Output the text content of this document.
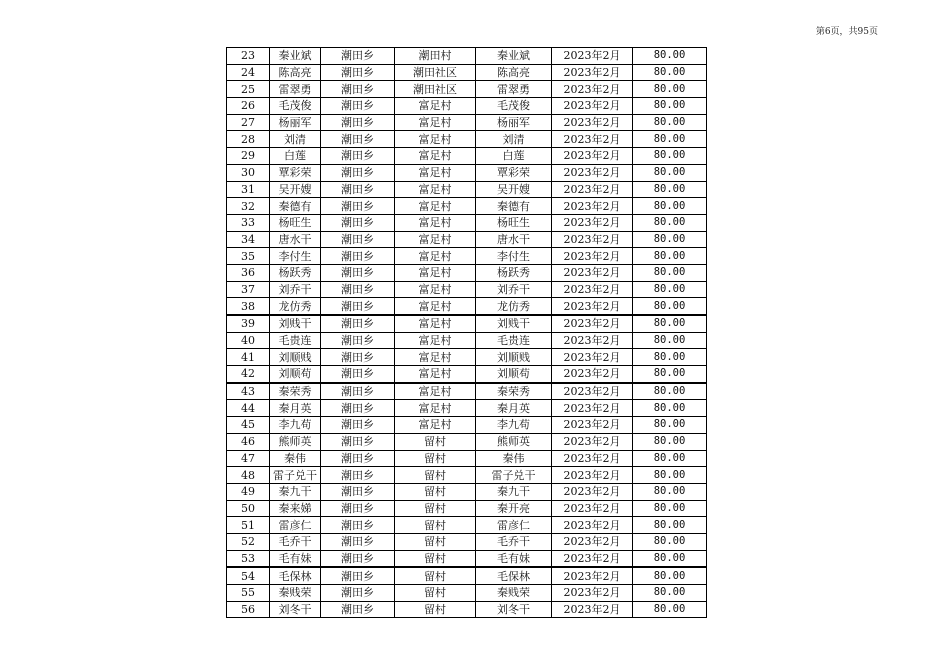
第6页，共95页
23	秦业斌	潮田乡	潮田村	秦业斌	2023年2月	80.00
24	陈高亮	潮田乡	潮田社区	陈高亮	2023年2月	80.00
25	雷翠勇	潮田乡	潮田社区	雷翠勇	2023年2月	80.00
26	毛茂俊	潮田乡	富足村	毛茂俊	2023年2月	80.00
27	杨丽军	潮田乡	富足村	杨丽军	2023年2月	80.00
28	刘清	潮田乡	富足村	刘清	2023年2月	80.00
29	白莲	潮田乡	富足村	白莲	2023年2月	80.00
30	覃彩荣	潮田乡	富足村	覃彩荣	2023年2月	80.00
31	吴开嫂	潮田乡	富足村	吴开嫂	2023年2月	80.00
32	秦德有	潮田乡	富足村	秦德有	2023年2月	80.00
33	杨旺生	潮田乡	富足村	杨旺生	2023年2月	80.00
34	唐水干	潮田乡	富足村	唐水干	2023年2月	80.00
35	李付生	潮田乡	富足村	李付生	2023年2月	80.00
36	杨跃秀	潮田乡	富足村	杨跃秀	2023年2月	80.00
37	刘乔干	潮田乡	富足村	刘乔干	2023年2月	80.00
38	龙仿秀	潮田乡	富足村	龙仿秀	2023年2月	80.00
39	刘贱干	潮田乡	富足村	刘贱干	2023年2月	80.00
40	毛贵连	潮田乡	富足村	毛贵连	2023年2月	80.00
41	刘顺贱	潮田乡	富足村	刘顺贱	2023年2月	80.00
42	刘顺苟	潮田乡	富足村	刘顺苟	2023年2月	80.00
43	秦荣秀	潮田乡	富足村	秦荣秀	2023年2月	80.00
44	秦月英	潮田乡	富足村	秦月英	2023年2月	80.00
45	李九苟	潮田乡	富足村	李九苟	2023年2月	80.00
46	熊师英	潮田乡	留村	熊师英	2023年2月	80.00
47	秦伟	潮田乡	留村	秦伟	2023年2月	80.00
48	雷子兑干	潮田乡	留村	雷子兑干	2023年2月	80.00
49	秦九干	潮田乡	留村	秦九干	2023年2月	80.00
50	秦来娣	潮田乡	留村	秦开亮	2023年2月	80.00
51	雷彦仁	潮田乡	留村	雷彦仁	2023年2月	80.00
52	毛乔干	潮田乡	留村	毛乔干	2023年2月	80.00
53	毛有妹	潮田乡	留村	毛有妹	2023年2月	80.00
54	毛保林	潮田乡	留村	毛保林	2023年2月	80.00
55	秦贱荣	潮田乡	留村	秦贱荣	2023年2月	80.00
56	刘冬干	潮田乡	留村	刘冬干	2023年2月	80.00
